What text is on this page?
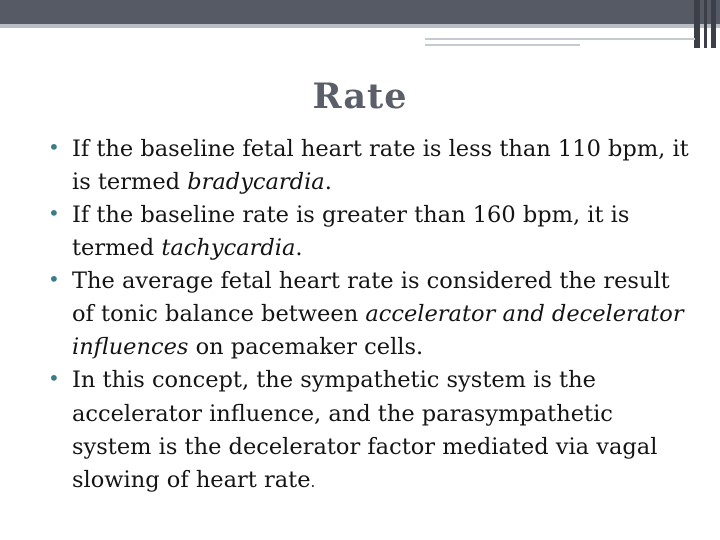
Rate
• If the baseline fetal heart rate is less than 110 bpm, it is termed bradycardia.
• If the baseline rate is greater than 160 bpm, it is termed tachycardia.
• The average fetal heart rate is considered the result of tonic balance between accelerator and decelerator influences on pacemaker cells.
• In this concept, the sympathetic system is the accelerator influence, and the parasympathetic system is the decelerator factor mediated via vagal slowing of heart rate.
